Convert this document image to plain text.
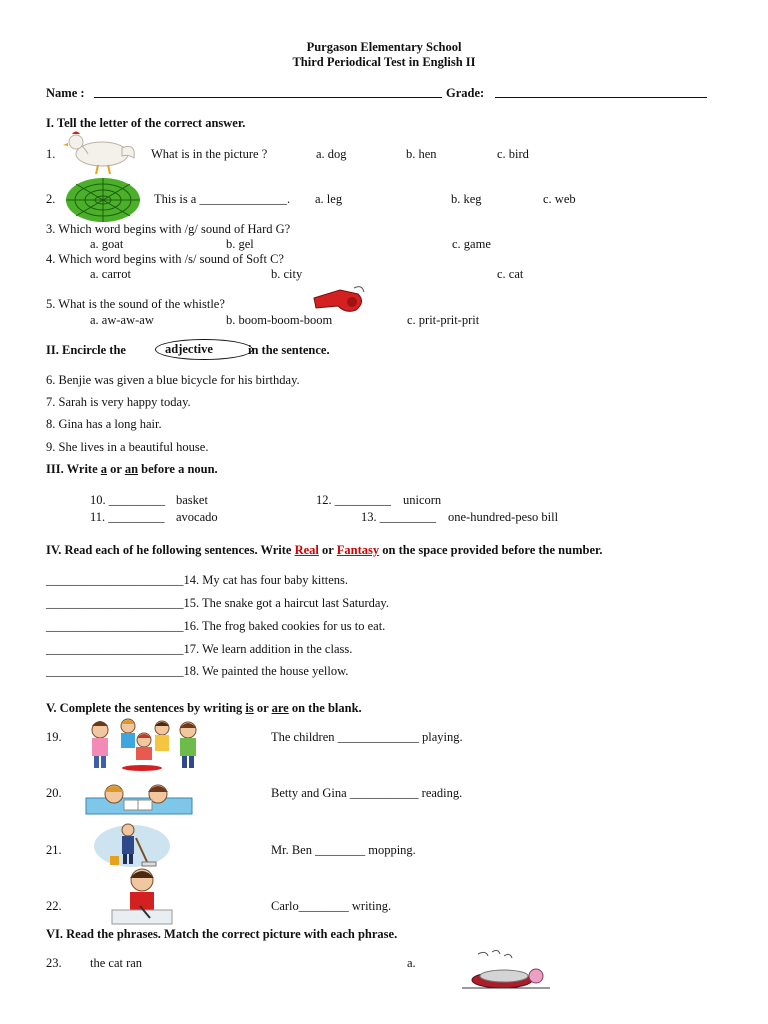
Purgason Elementary School
Third Periodical Test in English II
Name :	Grade:
I. Tell the letter of the correct answer.
1.	What is in the picture ?	a. dog	b. hen	c. bird
2.	This is a ______________. a. leg	b. keg	c. web
3. Which word begins with /g/ sound of Hard G?
a. goat	b. gel	c. game
4. Which word begins with /s/ sound of Soft C?
a. carrot	b. city	c. cat
5. What is the sound of the whistle?
a. aw-aw-aw	b. boom-boom-boom	c. prit-prit-prit
II. Encircle the	adjective	in the sentence.
6. Benjie was given a blue bicycle for his birthday.
7. Sarah is very happy today.
8. Gina has a long hair.
9. She lives in a beautiful house.
III. Write a or an before a noun.
10. _________ basket	12. _________ unicorn
11. _________ avocado	13. _________ one-hundred-peso bill
IV. Read each of he following sentences. Write Real or Fantasy on the space provided before the number.
______________________14. My cat has four baby kittens.
______________________15. The snake got a haircut last Saturday.
______________________16. The frog baked cookies for us to eat.
______________________17. We learn addition in the class.
______________________18. We painted the house yellow.
V. Complete the sentences by writing is or are on the blank.
19.	The children _____________ playing.
20.	Betty and Gina ___________ reading.
21.	Mr. Ben ________ mopping.
22.	Carlo________ writing.
VI. Read the phrases. Match the correct picture with each phrase.
23. the cat ran	a.
